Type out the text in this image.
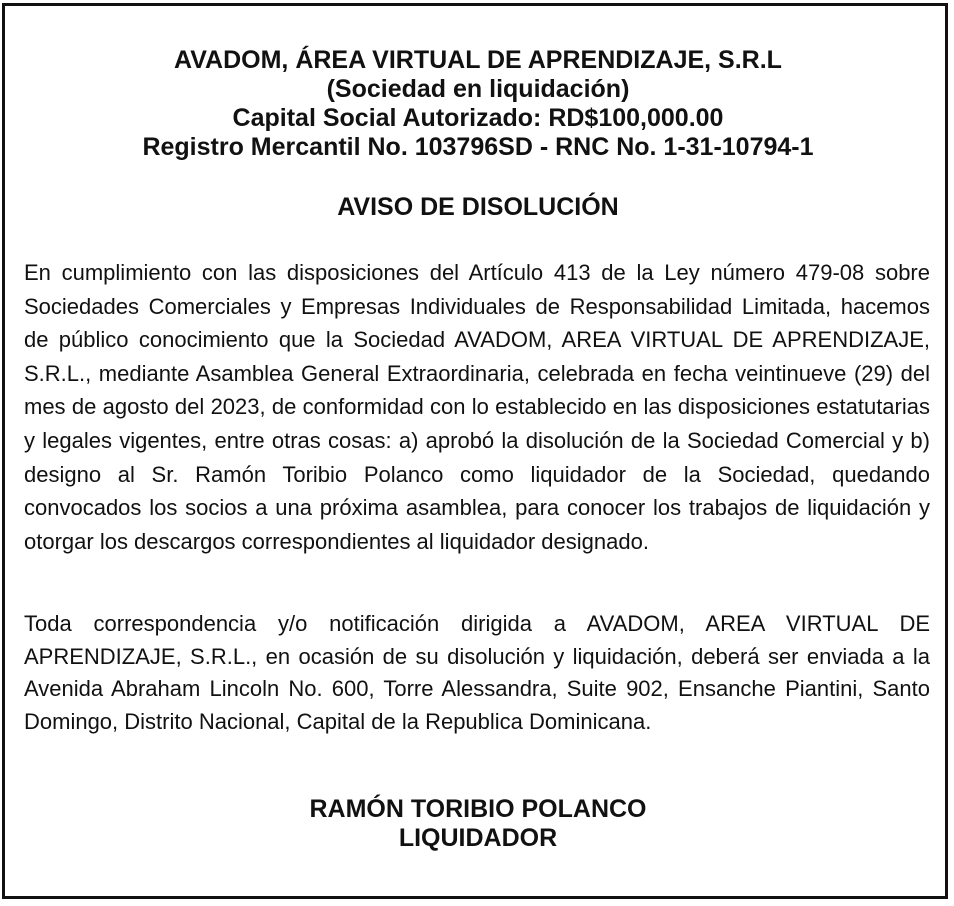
AVADOM, ÁREA VIRTUAL DE APRENDIZAJE, S.R.L
(Sociedad en liquidación)
Capital Social Autorizado: RD$100,000.00
Registro Mercantil No. 103796SD - RNC No. 1-31-10794-1
AVISO DE DISOLUCIÓN
En cumplimiento con las disposiciones del Artículo 413 de la Ley número 479-08 sobre Sociedades Comerciales y Empresas Individuales de Responsabilidad Limitada, hacemos de público conocimiento que la Sociedad AVADOM, AREA VIRTUAL DE APRENDIZAJE, S.R.L., mediante Asamblea General Extraordinaria, celebrada en fecha veintinueve (29) del mes de agosto del 2023, de conformidad con lo establecido en las disposiciones estatutarias y legales vigentes, entre otras cosas: a) aprobó la disolución de la Sociedad Comercial y b) designo al Sr. Ramón Toribio Polanco como liquidador de la Sociedad, quedando convocados los socios a una próxima asamblea, para conocer los trabajos de liquidación y otorgar los descargos correspondientes al liquidador designado.
Toda correspondencia y/o notificación dirigida a AVADOM, AREA VIRTUAL DE APRENDIZAJE, S.R.L., en ocasión de su disolución y liquidación, deberá ser enviada a la Avenida Abraham Lincoln No. 600, Torre Alessandra, Suite 902, Ensanche Piantini, Santo Domingo, Distrito Nacional, Capital de la Republica Dominicana.
RAMÓN TORIBIO POLANCO
LIQUIDADOR
